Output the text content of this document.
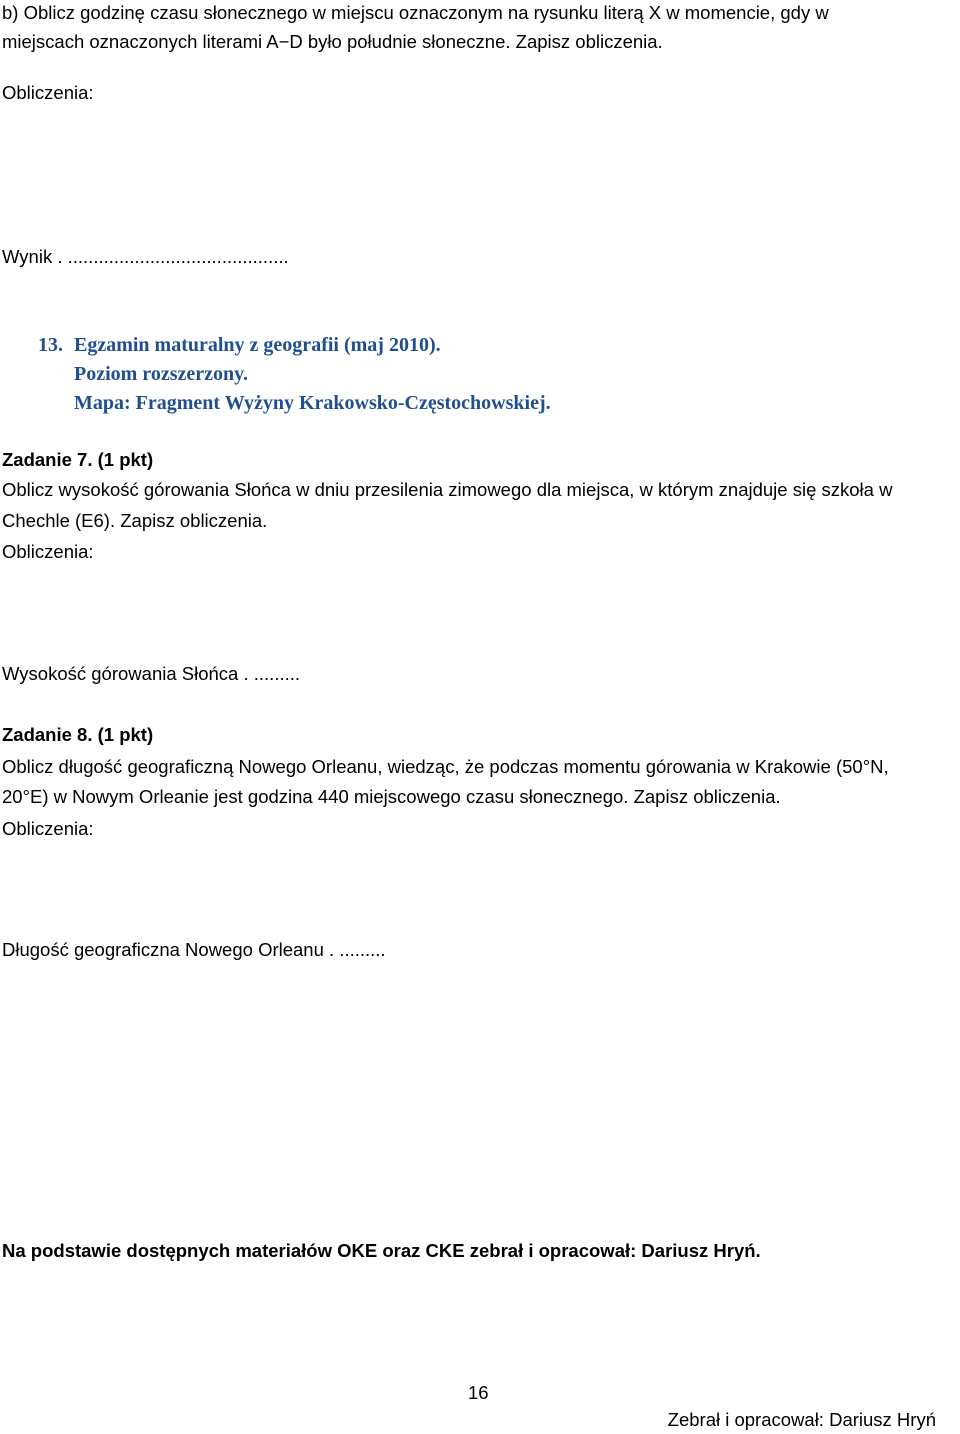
b) Oblicz godzinę czasu słonecznego w miejscu oznaczonym na rysunku literą X w momencie, gdy w
miejscach oznaczonych literami A−D było południe słoneczne. Zapisz obliczenia.
Obliczenia:
Wynik . ...........................................
13. Egzamin maturalny z geografii (maj 2010).
Poziom rozszerzony.
Mapa: Fragment Wyżyny Krakowsko-Częstochowskiej.
Zadanie 7. (1 pkt)
Oblicz wysokość górowania Słońca w dniu przesilenia zimowego dla miejsca, w którym znajduje się szkoła w
Chechle (E6). Zapisz obliczenia.
Obliczenia:
Wysokość górowania Słońca . .........
Zadanie 8. (1 pkt)
Oblicz długość geograficzną Nowego Orleanu, wiedząc, że podczas momentu górowania w Krakowie (50°N,
20°E) w Nowym Orleanie jest godzina 440 miejscowego czasu słonecznego. Zapisz obliczenia.
Obliczenia:
Długość geograficzna Nowego Orleanu . .........
Na podstawie dostępnych materiałów OKE oraz CKE zebrał i opracował: Dariusz Hryń.
16
Zebrał i opracował: Dariusz Hryń
